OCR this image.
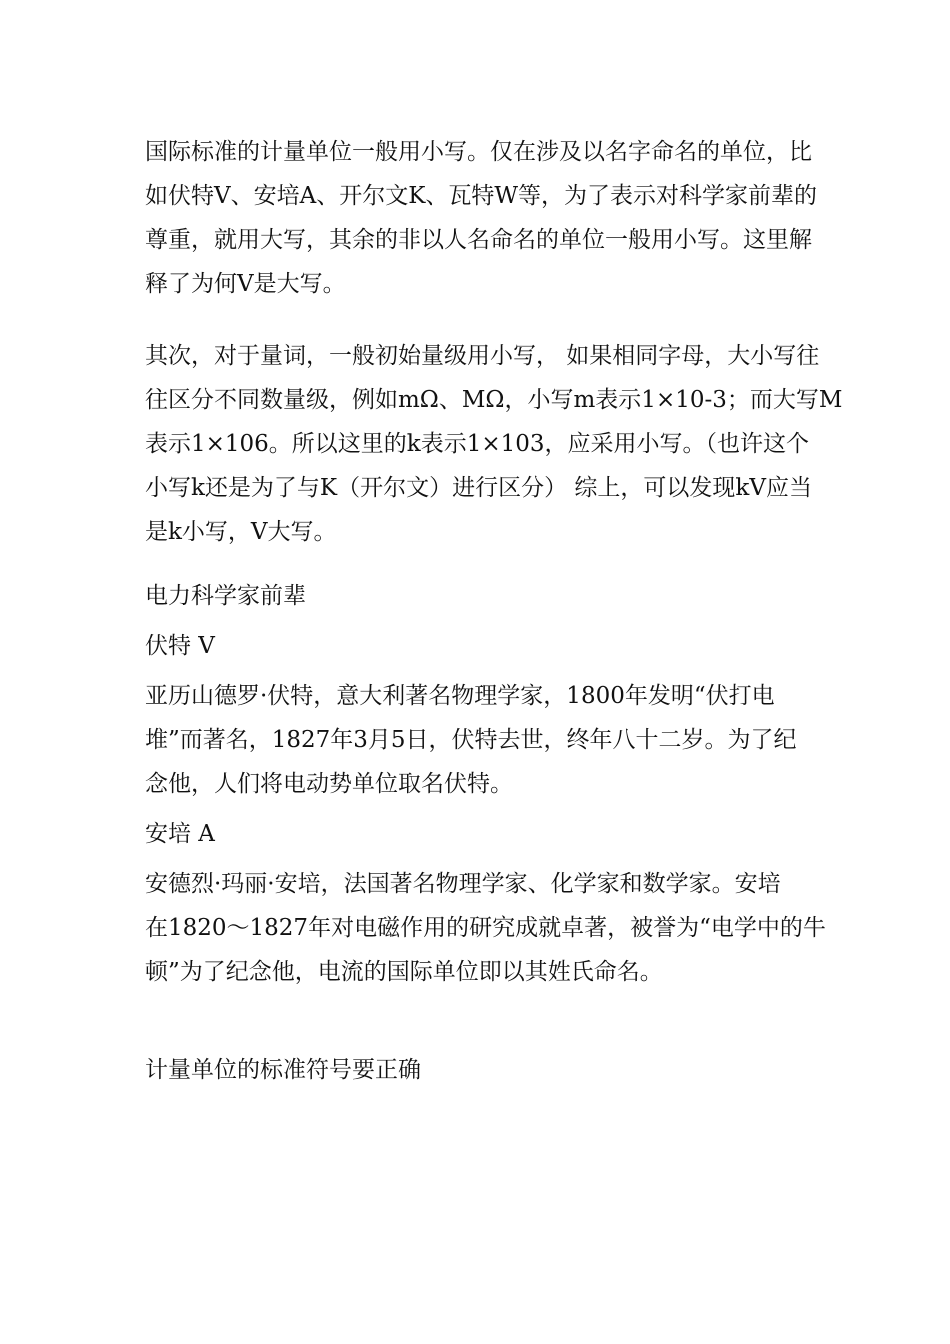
国际标准的计量单位一般用小写。仅在涉及以名字命名的单位，比
如伏特V、安培A、开尔文K、瓦特W等，为了表示对科学家前辈的
尊重，就用大写，其余的非以人名命名的单位一般用小写。这里解
释了为何V是大写。

其次，对于量词，一般初始量级用小写， 如果相同字母，大小写往
往区分不同数量级，例如mΩ、MΩ，小写m表示1×10-3；而大写M
表示1×106。所以这里的k表示1×103，应采用小写。（也许这个
小写k还是为了与K（开尔文）进行区分） 综上，可以发现kV应当
是k小写，V大写。

电力科学家前辈

伏特 V

亚历山德罗·伏特，意大利著名物理学家，1800年发明“伏打电
堆”而著名，1827年3月5日，伏特去世，终年八十二岁。为了纪
念他，人们将电动势单位取名伏特。

安培 A

安德烈·玛丽·安培，法国著名物理学家、化学家和数学家。安培
在1820～1827年对电磁作用的研究成就卓著，被誉为“电学中的牛
顿”为了纪念他，电流的国际单位即以其姓氏命名。

计量单位的标准符号要正确
